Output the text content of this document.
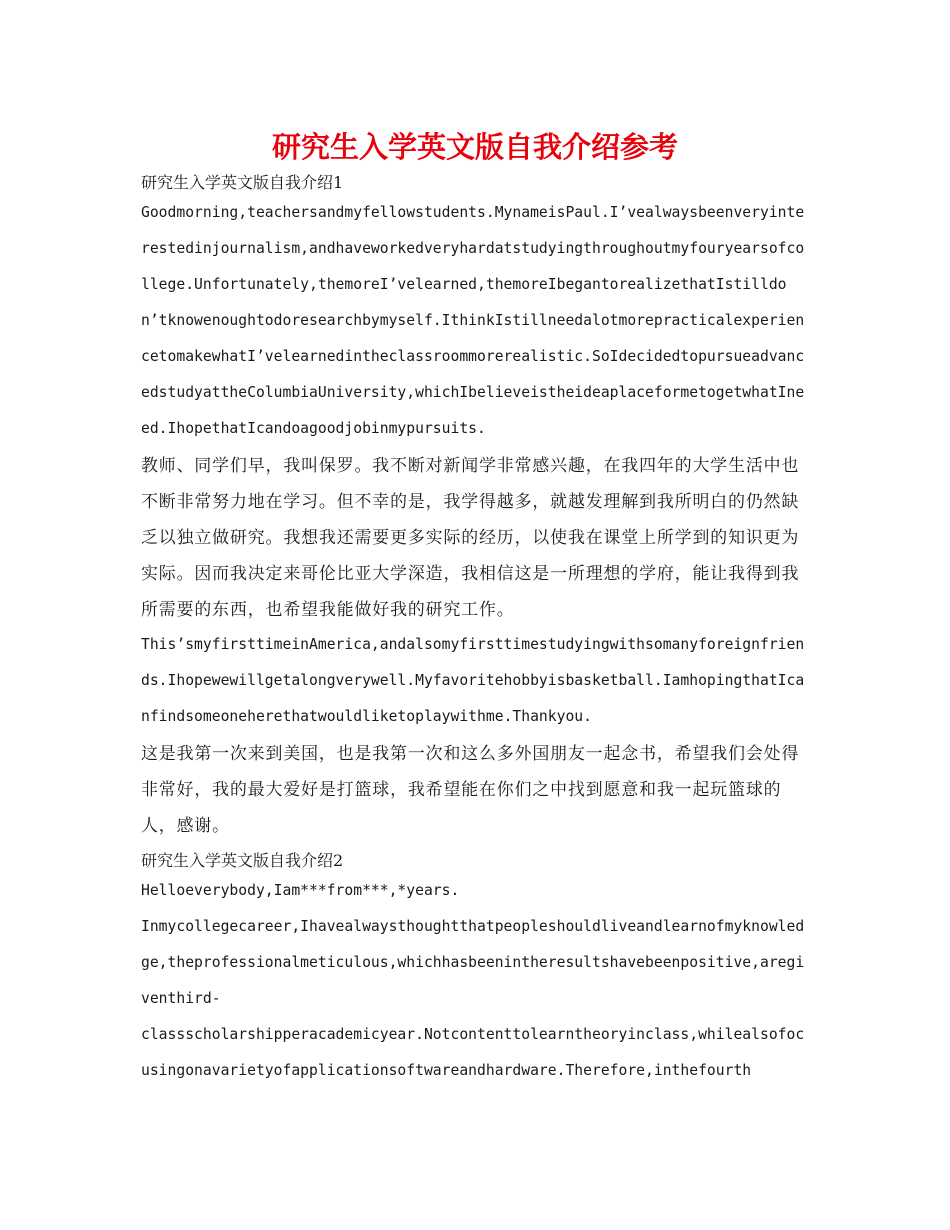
研究生入学英文版自我介绍参考

研究生入学英文版自我介绍1

Goodmorning,teachersandmyfellowstudents.MynameisPaul.I’vealwaysbeenveryinterestedinjournalism,andhaveworkedveryhardatstudyingthroughoutmyfouryearsofcollege.Unfortunately,themoreI’velearned,themoreIbegantorealizethatIstilldon’tknowenoughtodoresearchbymyself.IthinkIstillneedalotmorepracticalexperiencetomakewhatI’velearnedintheclassroommorerealistic.SoIdecidedtopursueadvancedstudyattheColumbiaUniversity,whichIbelieveistheideaplaceformetogetwhatIneed.IhopethatIcandoagoodjobinmypursuits.

教师、同学们早，我叫保罗。我不断对新闻学非常感兴趣，在我四年的大学生活中也不断非常努力地在学习。但不幸的是，我学得越多，就越发理解到我所明白的仍然缺乏以独立做研究。我想我还需要更多实际的经历，以使我在课堂上所学到的知识更为实际。因而我决定来哥伦比亚大学深造，我相信这是一所理想的学府，能让我得到我所需要的东西，也希望我能做好我的研究工作。

This’smyfirsttimeinAmerica,andalsomyfirsttimestudyingwithsomanyforeignfriends.Ihopewewillgetalongverywell.Myfavoritehobbyisbasketball.IamhopingthatIcanfindsomeoneherethatwouldliketoplaywithme.Thankyou.

这是我第一次来到美国，也是我第一次和这么多外国朋友一起念书，希望我们会处得非常好，我的最大爱好是打篮球，我希望能在你们之中找到愿意和我一起玩篮球的人，感谢。

研究生入学英文版自我介绍2

Helloeverybody,Iam***from***,*years.

Inmycollegecareer,Ihavealwaysthoughtthatpeopleshouldliveandlearnofmyknowledge,theprofessionalmeticulous,whichhasbeenintheresultshavebeenpositive,aregiventhird-

classscholarshipperacademicyear.Notcontenttolearntheoryinclass,whilealsofocusingonavarietyofapplicationsoftwareandhardware.Therefore,inthefourth
